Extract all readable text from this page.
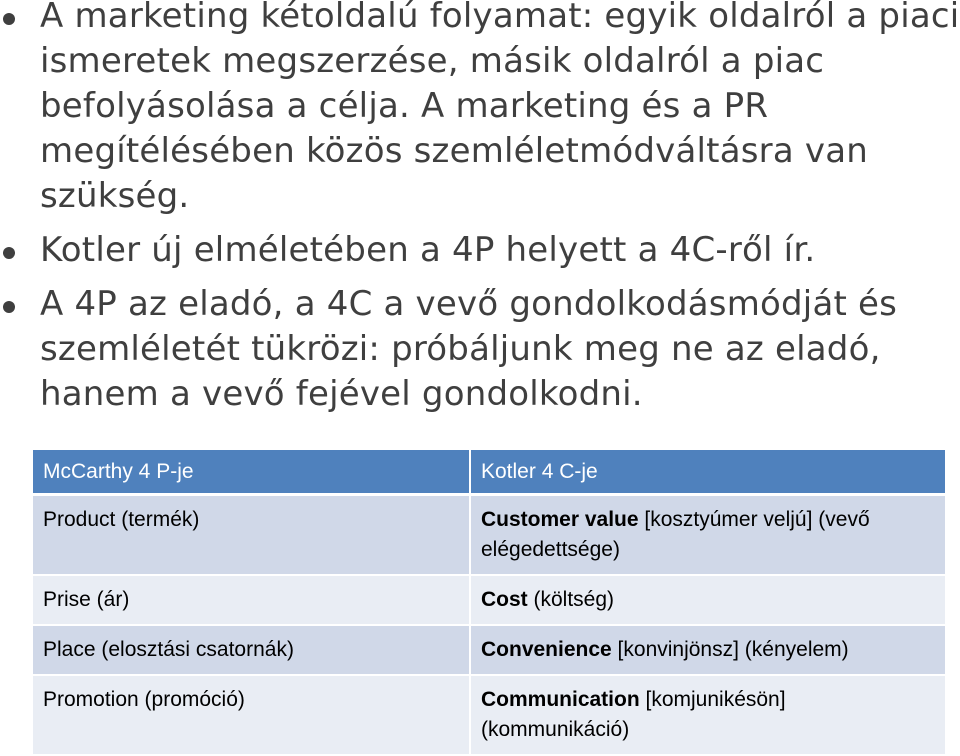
A marketing kétoldalú folyamat: egyik oldalról a piaci ismeretek megszerzése, másik oldalról a piac befolyásolása a célja. A marketing és a PR megítélésében közös szemléletmódváltásra van szükség.
Kotler új elméletében a 4P helyett a 4C-ről ír.
A 4P az eladó, a 4C a vevő gondolkodásmódját és szemléletét tükrözi: próbáljunk meg ne az eladó, hanem a vevő fejével gondolkodni.
McCarthy 4 P-je	Kotler 4 C-je
Product (termék)	Customer value [kosztyúmer veljú] (vevő elégedettsége)
Prise (ár)	Cost (költség)
Place (elosztási csatornák)	Convenience [konvinjönsz] (kényelem)
Promotion (promóció)	Communication [komjunikésön] (kommunikáció)
